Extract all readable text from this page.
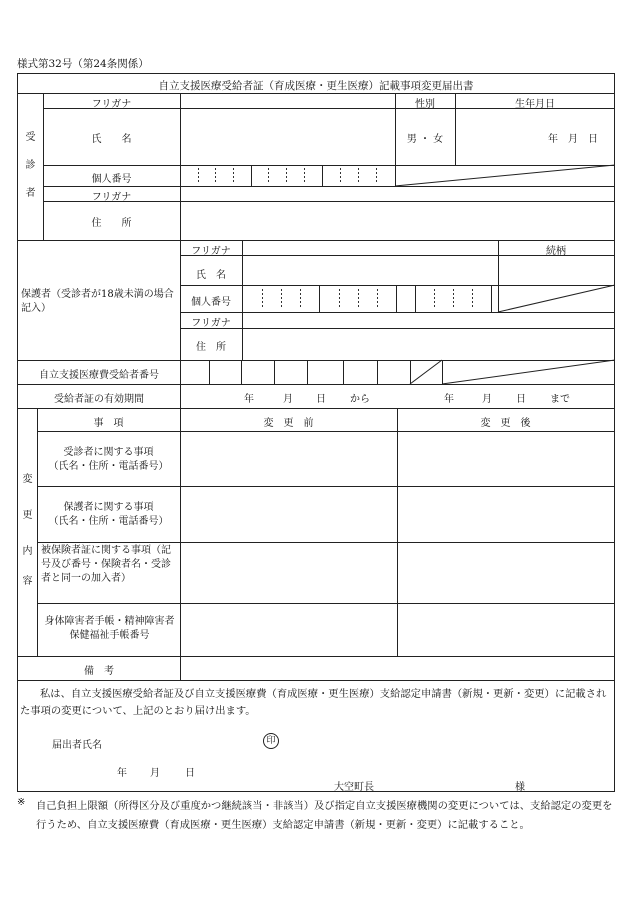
様式第32号（第24条関係）
自立支援医療受給者証（育成医療・更生医療）記載事項変更届出書
受
診
者
フリガナ	性別	生年月日
氏　　名	男 ・ 女	年　月　日
個人番号
フリガナ
住　　所
保護者（受診者が18歳未満の場合記入）
フリガナ	続柄
氏　名
個人番号
フリガナ
住　所
自立支援医療費受給者番号
受給者証の有効期間	年	月 日 から	年	月 日 まで
変
更
内
容
事　項	変　更　前	変　更　後
受診者に関する事項
（氏名・住所・電話番号）
保護者に関する事項
（氏名・住所・電話番号）
被保険者証に関する事項（記号及び番号・保険者名・受診者と同一の加入者）
身体障害者手帳・精神障害者保健福祉手帳番号
備　考
私は、自立支援医療受給者証及び自立支援医療費（育成医療・更生医療）支給認定申請書（新規・更新・変更）に記載された事項の変更について、上記のとおり届け出ます。
届出者氏名	印
年 月	日
大空町長	様
※ 自己負担上限額（所得区分及び重度かつ継続該当・非該当）及び指定自立支援医療機関の変更については、支給認定の変更を行うため、自立支援医療費（育成医療・更生医療）支給認定申請書（新規・更新・変更）に記載すること。
